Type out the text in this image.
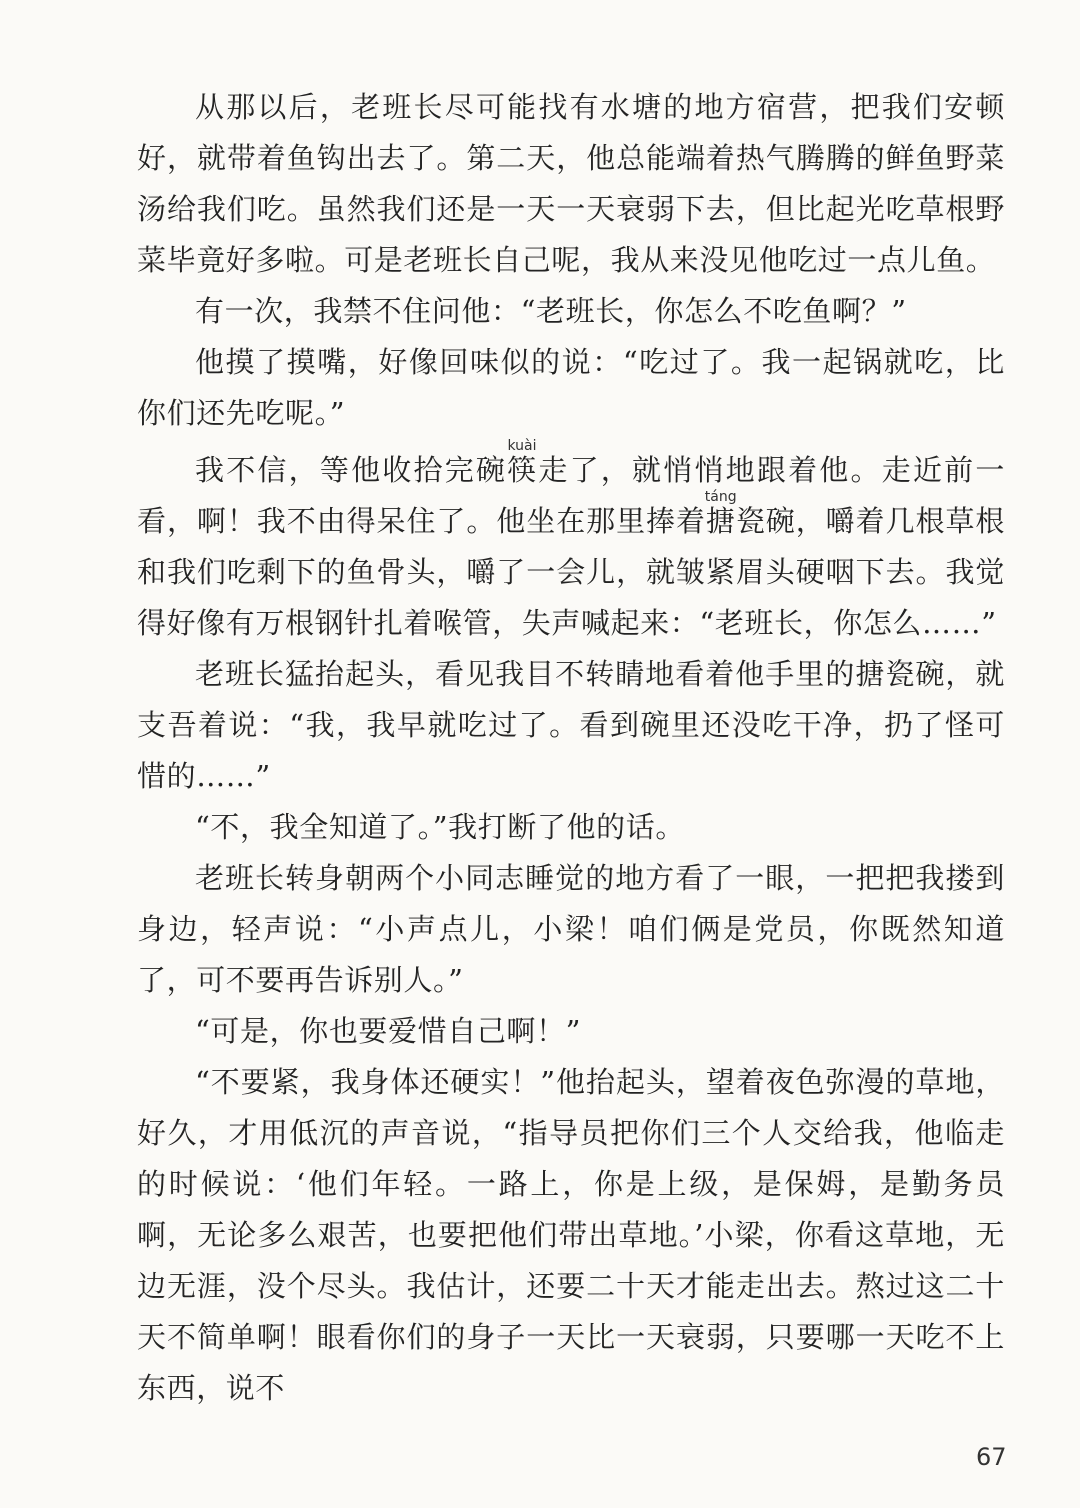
从那以后，老班长尽可能找有水塘的地方宿营，把我们安顿好，就带着鱼钩出去了。第二天，他总能端着热气腾腾的鲜鱼野菜汤给我们吃。虽然我们还是一天一天衰弱下去，但比起光吃草根野菜毕竟好多啦。可是老班长自己呢，我从来没见他吃过一点儿鱼。

有一次，我禁不住问他：“老班长，你怎么不吃鱼啊？”

他摸了摸嘴，好像回味似的说：“吃过了。我一起锅就吃，比你们还先吃呢。”

我不信，等他收拾完碗筷kuài走了，就悄悄地跟着他。走近前一看，啊！我不由得呆住了。他坐在那里捧着搪táng瓷碗，嚼着几根草根和我们吃剩下的鱼骨头，嚼了一会儿，就皱紧眉头硬咽下去。我觉得好像有万根钢针扎着喉管，失声喊起来：“老班长，你怎么……”

老班长猛抬起头，看见我目不转睛地看着他手里的搪瓷碗，就支吾着说：“我，我早就吃过了。看到碗里还没吃干净，扔了怪可惜的……”

“不，我全知道了。”我打断了他的话。

老班长转身朝两个小同志睡觉的地方看了一眼，一把把我搂到身边，轻声说：“小声点儿，小梁！咱们俩是党员，你既然知道了，可不要再告诉别人。”

“可是，你也要爱惜自己啊！”

“不要紧，我身体还硬实！”他抬起头，望着夜色弥漫的草地，好久，才用低沉的声音说，“指导员把你们三个人交给我，他临走的时候说：‘他们年轻。一路上，你是上级，是保姆，是勤务员啊，无论多么艰苦，也要把他们带出草地。’小梁，你看这草地，无边无涯，没个尽头。我估计，还要二十天才能走出去。熬过这二十天不简单啊！眼看你们的身子一天比一天衰弱，只要哪一天吃不上东西，说不

67
